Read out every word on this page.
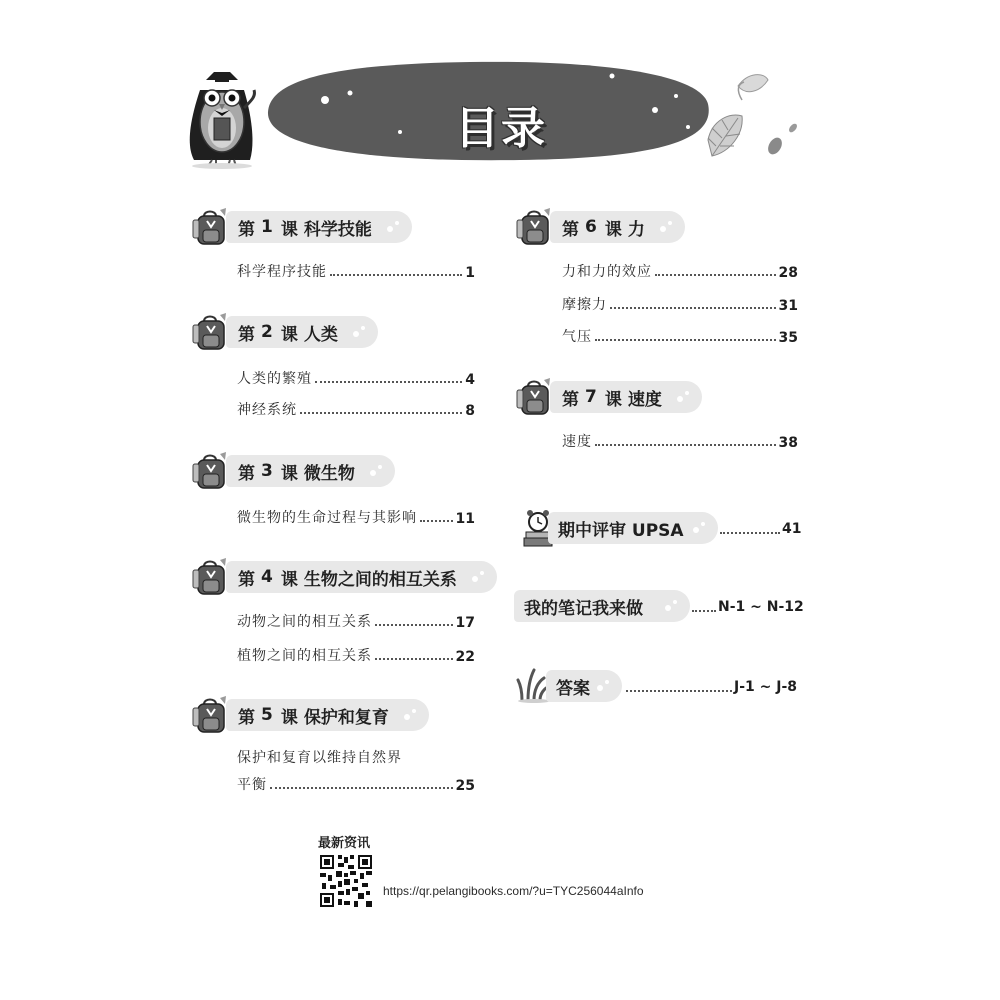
目录
第 1 课 科学技能
科学程序技能	1
第 2 课 人类
人类的繁殖	4
神经系统	8
第 3 课 微生物
微生物的生命过程与其影响	11
第 4 课 生物之间的相互关系
动物之间的相互关系	17
植物之间的相互关系	22
第 5 课 保护和复育
保护和复育以维持自然界
平衡	25
第 6 课 力
力和力的效应	28
摩擦力	31
气压	35
第 7 课 速度
速度	38
期中评审 UPSA	41
我的笔记我来做	N-1 ~ N-12
答案	J-1 ~ J-8
最新资讯
https://qr.pelangibooks.com/?u=TYC256044aInfo
